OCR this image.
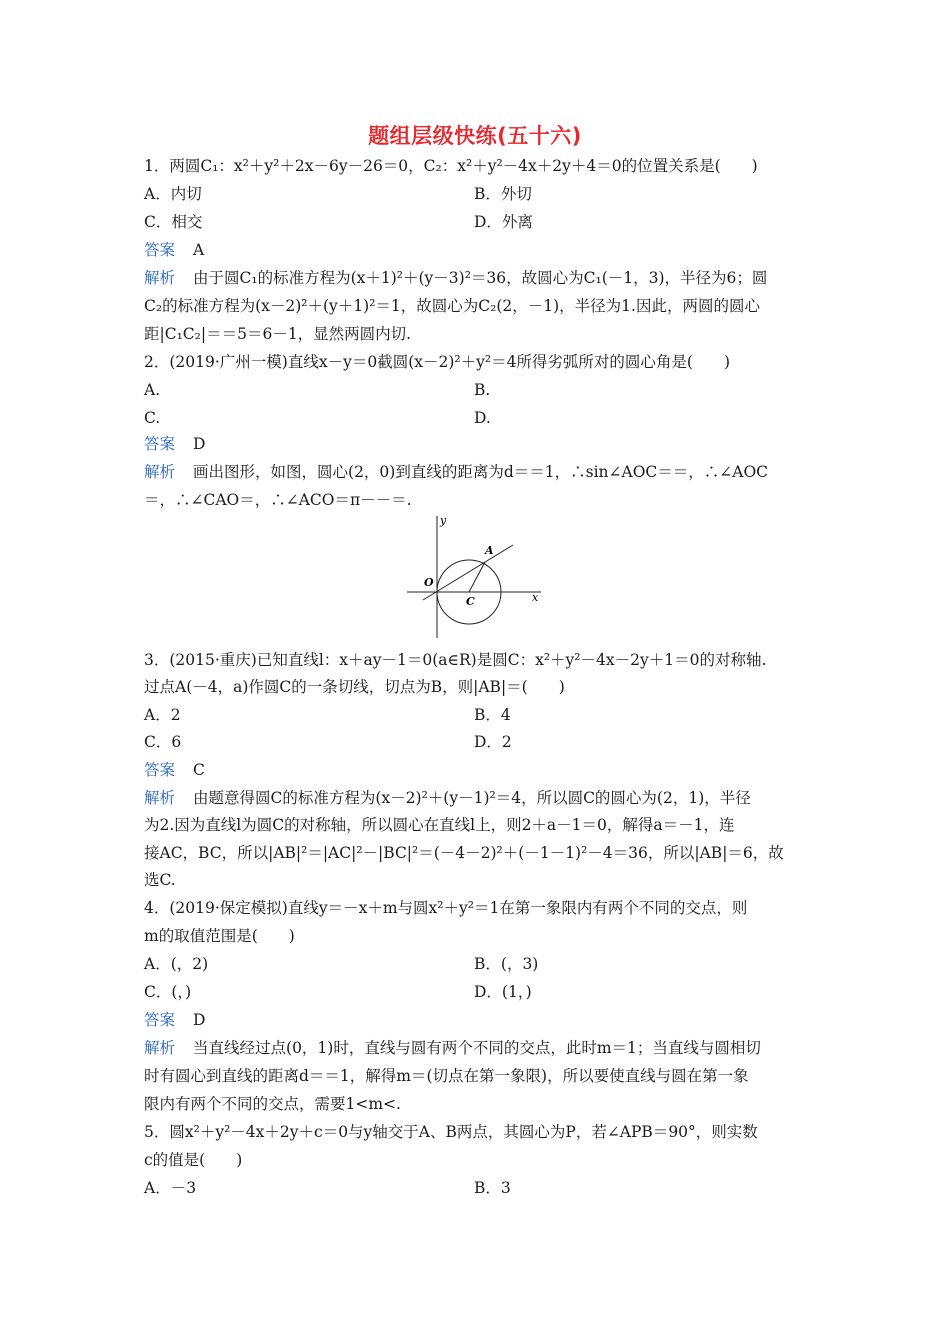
题组层级快练(五十六)
1．两圆C₁：x²＋y²＋2x－6y－26＝0，C₂：x²＋y²－4x＋2y＋4＝0的位置关系是(　　)
A．内切	B．外切
C．相交	D．外离
答案 A
解析 由于圆C₁的标准方程为(x＋1)²＋(y－3)²＝36，故圆心为C₁(－1，3)，半径为6；圆
C₂的标准方程为(x－2)²＋(y＋1)²＝1，故圆心为C₂(2，－1)，半径为1.因此，两圆的圆心
距|C₁C₂|＝＝5＝6－1，显然两圆内切.
2．(2019·广州一模)直线x－y＝0截圆(x－2)²＋y²＝4所得劣弧所对的圆心角是(　　)
A.	B.
C.	D.
答案 D
解析 画出图形，如图，圆心(2，0)到直线的距离为d＝＝1，∴sin∠AOC＝＝，∴∠AOC
＝，∴∠CAO＝，∴∠ACO＝π－－＝.
y
x
O
C
A
3．(2015·重庆)已知直线l：x＋ay－1＝0(a∈R)是圆C：x²＋y²－4x－2y＋1＝0的对称轴.
过点A(－4，a)作圆C的一条切线，切点为B，则|AB|＝(　　)
A．2	B．4
C．6	D．2
答案 C
解析 由题意得圆C的标准方程为(x－2)²＋(y－1)²＝4，所以圆C的圆心为(2，1)，半径
为2.因为直线l为圆C的对称轴，所以圆心在直线l上，则2＋a－1＝0，解得a＝－1，连
接AC，BC，所以|AB|²＝|AC|²－|BC|²＝(－4－2)²＋(－1－1)²－4＝36，所以|AB|＝6，故
选C.
4．(2019·保定模拟)直线y＝－x＋m与圆x²＋y²＝1在第一象限内有两个不同的交点，则
m的取值范围是(　　)
A．(，2)	B．(，3)
C．(，)	D．(1，)
答案 D
解析 当直线经过点(0，1)时，直线与圆有两个不同的交点，此时m＝1；当直线与圆相切
时有圆心到直线的距离d＝＝1，解得m＝(切点在第一象限)，所以要使直线与圆在第一象
限内有两个不同的交点，需要1<m<.
5．圆x²＋y²－4x＋2y＋c＝0与y轴交于A、B两点，其圆心为P，若∠APB＝90°，则实数
c的值是(　　)
A．－3	B．3
